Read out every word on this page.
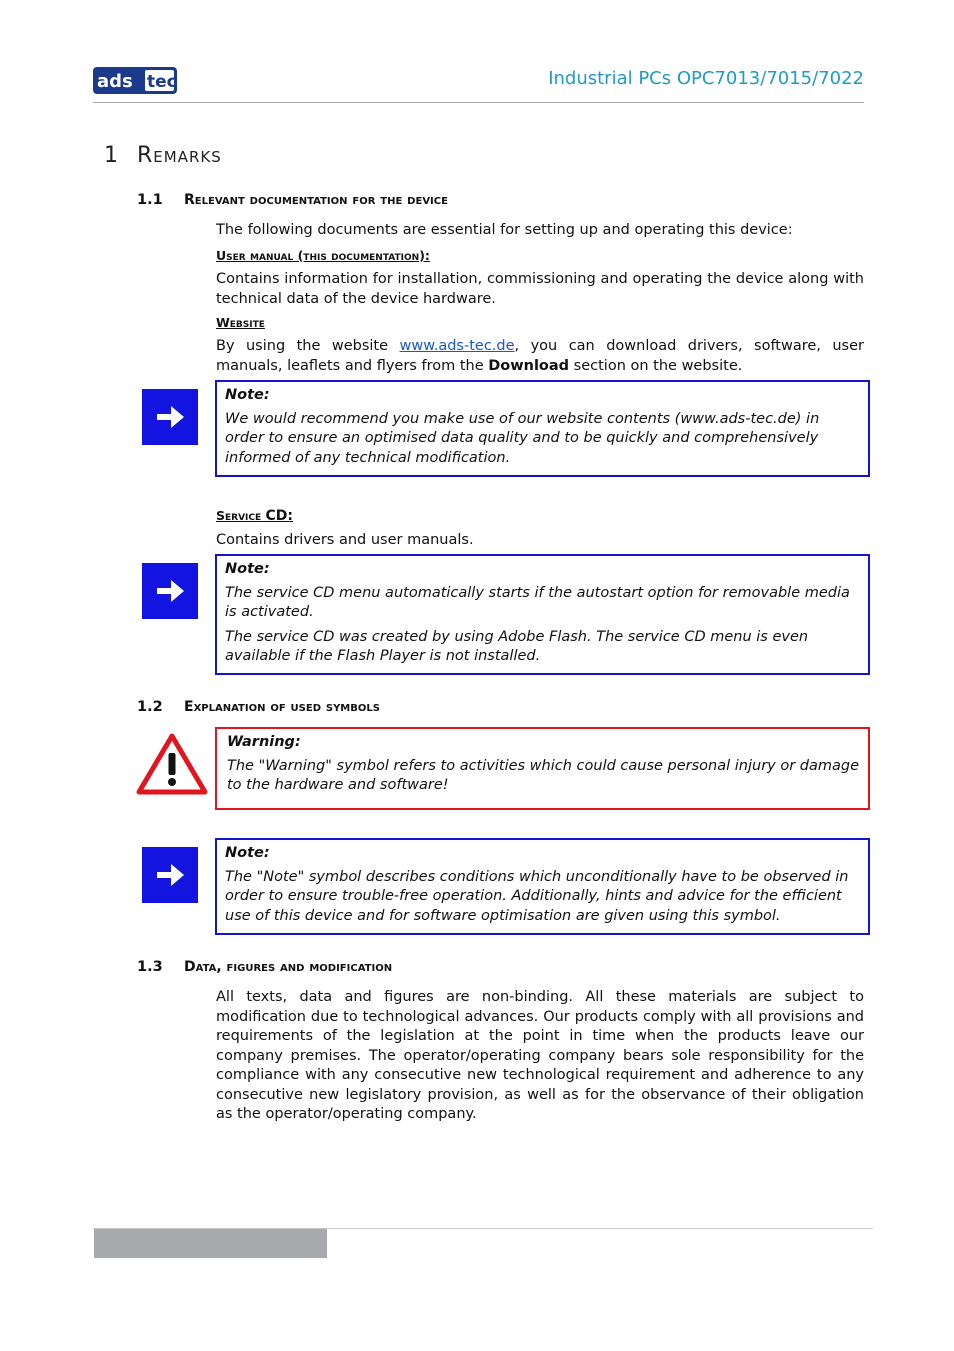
ads tec	Industrial PCs OPC7013/7015/7022
1 Remarks
1.1 Relevant documentation for the device
The following documents are essential for setting up and operating this device:
User manual (this documentation):
Contains information for installation, commissioning and operating the device along with technical data of the device hardware.
Website
By using the website www.ads-tec.de, you can download drivers, software, user manuals, leaflets and flyers from the Download section on the website.
Note:

We would recommend you make use of our website contents (www.ads-tec.de) in order to ensure an optimised data quality and to be quickly and comprehensively informed of any technical modification.

Service CD:
Contains drivers and user manuals.
Note:

The service CD menu automatically starts if the autostart option for removable media is activated.

The service CD was created by using Adobe Flash. The service CD menu is even available if the Flash Player is not installed.

1.2 Explanation of used symbols
Warning:

The "Warning" symbol refers to activities which could cause personal injury or damage to the hardware and software!

Note:

The "Note" symbol describes conditions which unconditionally have to be observed in order to ensure trouble-free operation. Additionally, hints and advice for the efficient use of this device and for software optimisation are given using this symbol.

1.3 Data, figures and modification
All texts, data and figures are non-binding. All these materials are subject to modification due to technological advances. Our products comply with all provisions and requirements of the legislation at the point in time when the products leave our company premises. The operator/operating company bears sole responsibility for the compliance with any consecutive new technological requirement and adherence to any consecutive new legislatory provision, as well as for the observance of their obligation as the operator/operating company.
